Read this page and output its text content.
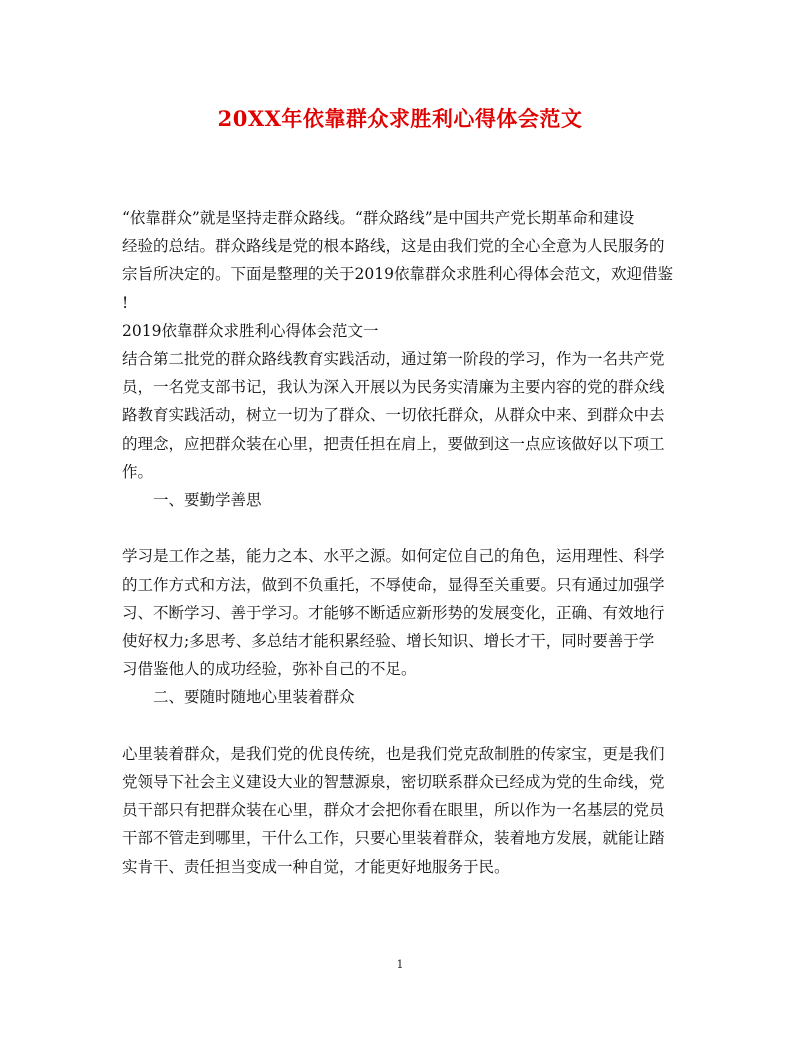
20XX年依靠群众求胜利心得体会范文

“依靠群众”就是坚持走群众路线。“群众路线”是中国共产党长期革命和建设
经验的总结。群众路线是党的根本路线，这是由我们党的全心全意为人民服务的
宗旨所决定的。下面是整理的关于2019依靠群众求胜利心得体会范文，欢迎借鉴
!

2019依靠群众求胜利心得体会范文一

结合第二批党的群众路线教育实践活动，通过第一阶段的学习，作为一名共产党
员，一名党支部书记，我认为深入开展以为民务实清廉为主要内容的党的群众线
路教育实践活动，树立一切为了群众、一切依托群众，从群众中来、到群众中去
的理念，应把群众装在心里，把责任担在肩上，要做到这一点应该做好以下项工
作。

一、要勤学善思

学习是工作之基，能力之本、水平之源。如何定位自己的角色，运用理性、科学
的工作方式和方法，做到不负重托，不辱使命，显得至关重要。只有通过加强学
习、不断学习、善于学习。才能够不断适应新形势的发展变化，正确、有效地行
使好权力;多思考、多总结才能积累经验、增长知识、增长才干，同时要善于学
习借鉴他人的成功经验，弥补自己的不足。

二、要随时随地心里装着群众

心里装着群众，是我们党的优良传统，也是我们党克敌制胜的传家宝，更是我们
党领导下社会主义建设大业的智慧源泉，密切联系群众已经成为党的生命线，党
员干部只有把群众装在心里，群众才会把你看在眼里，所以作为一名基层的党员
干部不管走到哪里，干什么工作，只要心里装着群众，装着地方发展，就能让踏
实肯干、责任担当变成一种自觉，才能更好地服务于民。

1
